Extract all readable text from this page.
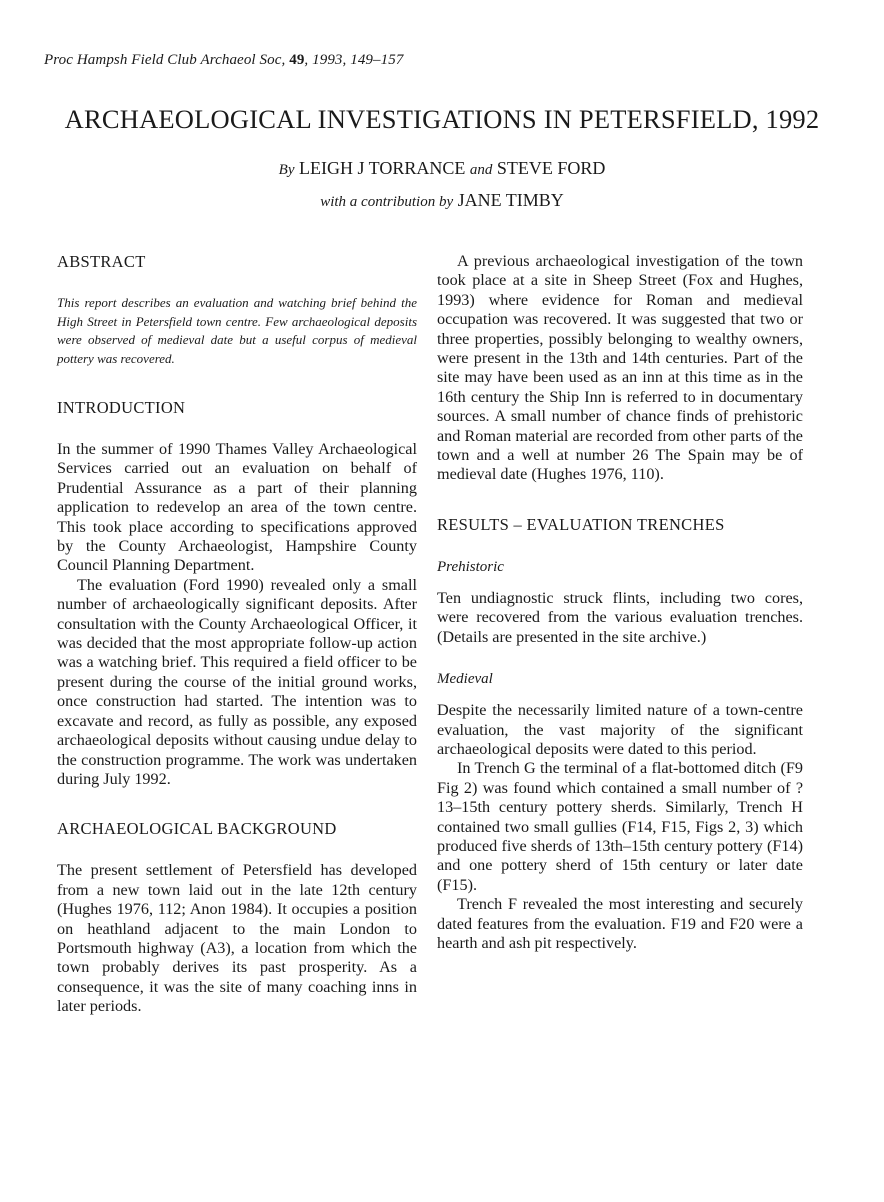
Proc Hampsh Field Club Archaeol Soc, 49, 1993, 149–157
ARCHAEOLOGICAL INVESTIGATIONS IN PETERSFIELD, 1992
By LEIGH J TORRANCE and STEVE FORD
with a contribution by JANE TIMBY
ABSTRACT

This report describes an evaluation and watching brief behind the High Street in Petersfield town centre. Few archaeological deposits were observed of medieval date but a useful corpus of medieval pottery was recovered.

INTRODUCTION

In the summer of 1990 Thames Valley Archaeological Services carried out an evaluation on behalf of Prudential Assurance as a part of their planning application to redevelop an area of the town centre. This took place according to specifications approved by the County Archaeologist, Hampshire County Council Planning Department.

The evaluation (Ford 1990) revealed only a small number of archaeologically significant deposits. After consultation with the County Archaeological Officer, it was decided that the most appropriate follow-up action was a watching brief. This required a field officer to be present during the course of the initial ground works, once construction had started. The intention was to excavate and record, as fully as possible, any exposed archaeological deposits without causing undue delay to the construction programme. The work was undertaken during July 1992.

ARCHAEOLOGICAL BACKGROUND

The present settlement of Petersfield has developed from a new town laid out in the late 12th century (Hughes 1976, 112; Anon 1984). It occupies a position on heathland adjacent to the main London to Portsmouth highway (A3), a location from which the town probably derives its past prosperity. As a consequence, it was the site of many coaching inns in later periods.

A previous archaeological investigation of the town took place at a site in Sheep Street (Fox and Hughes, 1993) where evidence for Roman and medieval occupation was recovered. It was suggested that two or three properties, possibly belonging to wealthy owners, were present in the 13th and 14th centuries. Part of the site may have been used as an inn at this time as in the 16th century the Ship Inn is referred to in documentary sources. A small number of chance finds of prehistoric and Roman material are recorded from other parts of the town and a well at number 26 The Spain may be of medieval date (Hughes 1976, 110).

RESULTS – EVALUATION TRENCHES
Prehistoric

Ten undiagnostic struck flints, including two cores, were recovered from the various evaluation trenches. (Details are presented in the site archive.)

Medieval

Despite the necessarily limited nature of a town-centre evaluation, the vast majority of the significant archaeological deposits were dated to this period.

In Trench G the terminal of a flat-bottomed ditch (F9 Fig 2) was found which contained a small number of ?13–15th century pottery sherds. Similarly, Trench H contained two small gullies (F14, F15, Figs 2, 3) which produced five sherds of 13th–15th century pottery (F14) and one pottery sherd of 15th century or later date (F15).

Trench F revealed the most interesting and securely dated features from the evaluation. F19 and F20 were a hearth and ash pit respectively.
